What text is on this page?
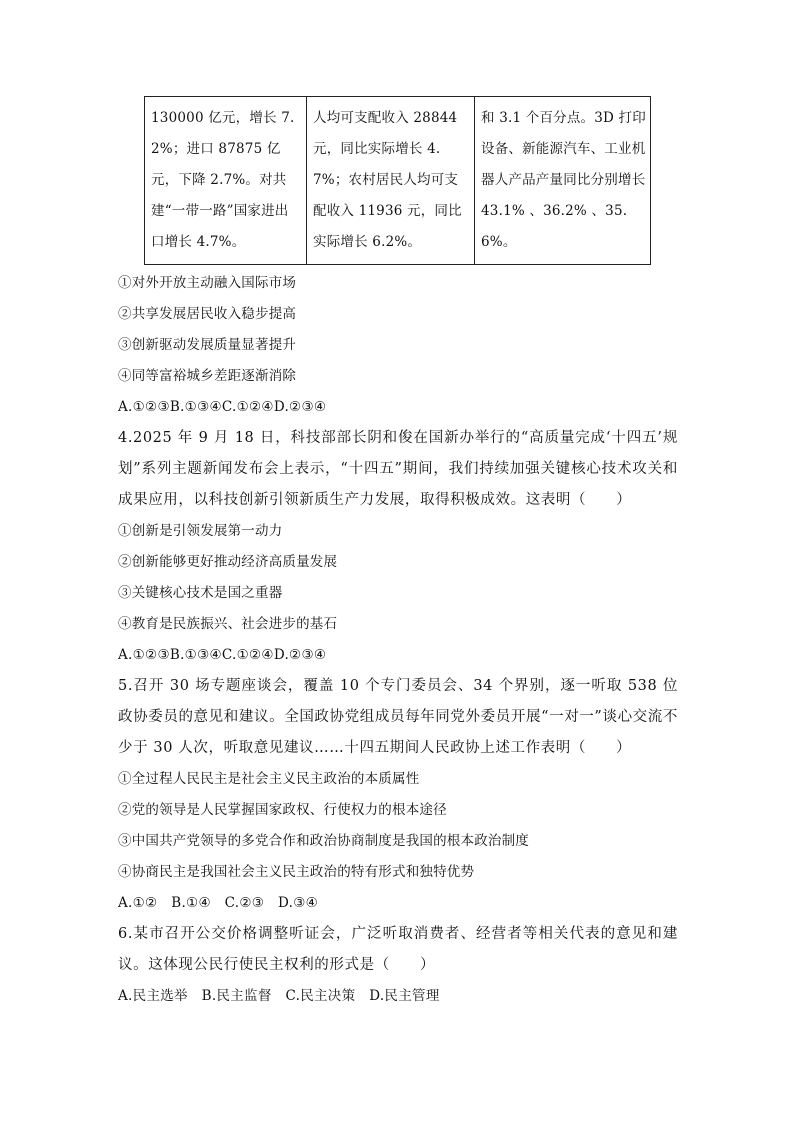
130000 亿元，增长 7.2%；进口 87875 亿元，下降 2.7%。对共建“一带一路”国家进出口增长 4.7%。	人均可支配收入 28844 元，同比实际增长 4.7%；农村居民人均可支配收入 11936 元，同比实际增长 6.2%。	和 3.1 个百分点。3D 打印设备、新能源汽车、工业机器人产品产量同比分别增长 43.1% 、36.2% 、35.6%。
①对外开放主动融入国际市场
②共享发展居民收入稳步提高
③创新驱动发展质量显著提升
④同等富裕城乡差距逐渐消除
A.①②③B.①③④C.①②④D.②③④
4.2025 年 9 月 18 日，科技部部长阴和俊在国新办举行的“高质量完成‘十四五’规划”系列主题新闻发布会上表示，“十四五”期间，我们持续加强关键核心技术攻关和成果应用，以科技创新引领新质生产力发展，取得积极成效。这表明（　　）
①创新是引领发展第一动力
②创新能够更好推动经济高质量发展
③关键核心技术是国之重器
④教育是民族振兴、社会进步的基石
A.①②③B.①③④C.①②④D.②③④
5.召开 30 场专题座谈会，覆盖 10 个专门委员会、34 个界别，逐一听取 538 位政协委员的意见和建议。全国政协党组成员每年同党外委员开展“一对一”谈心交流不少于 30 人次，听取意见建议……十四五期间人民政协上述工作表明（　　）
①全过程人民民主是社会主义民主政治的本质属性
②党的领导是人民掌握国家政权、行使权力的根本途径
③中国共产党领导的多党合作和政治协商制度是我国的根本政治制度
④协商民主是我国社会主义民主政治的特有形式和独特优势
A.①②　B.①④　C.②③　D.③④
6.某市召开公交价格调整听证会，广泛听取消费者、经营者等相关代表的意见和建议。这体现公民行使民主权利的形式是（　　）
A.民主选举　B.民主监督　C.民主决策　D.民主管理
